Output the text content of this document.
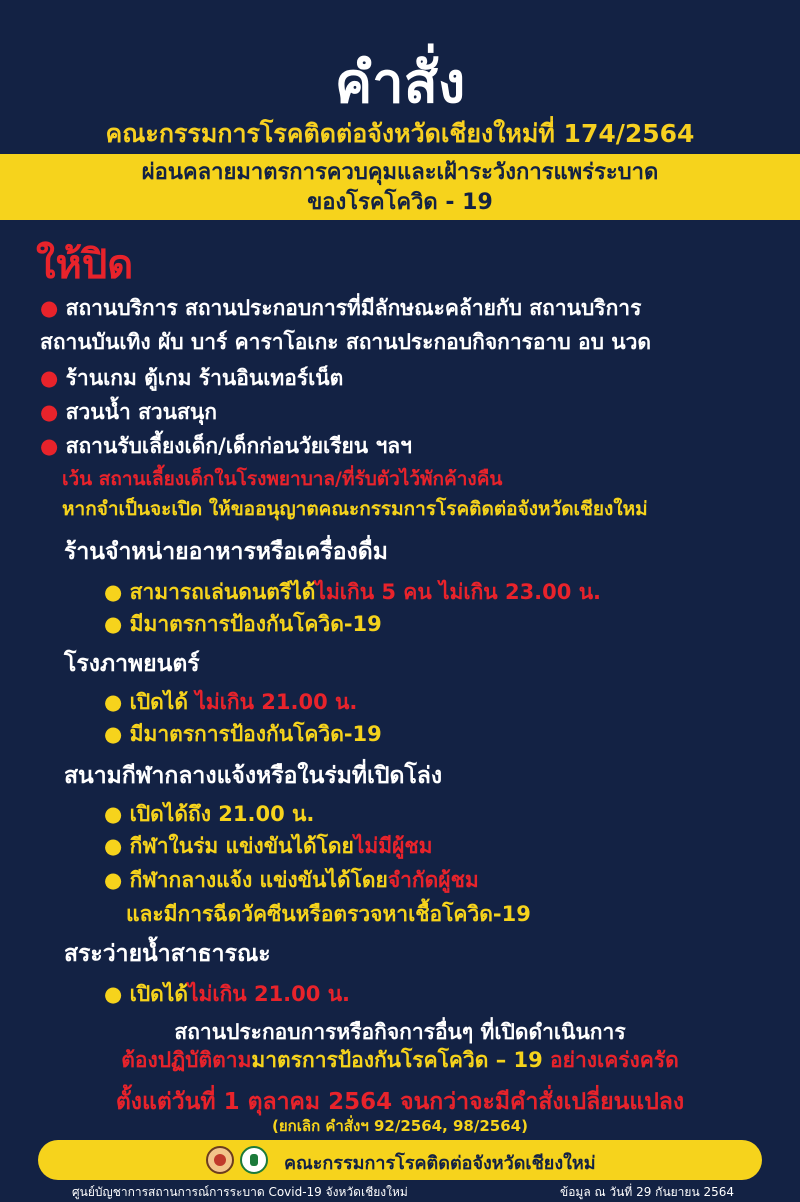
คำสั่ง
คณะกรรมการโรคติดต่อจังหวัดเชียงใหม่ที่ 174/2564
ผ่อนคลายมาตรการควบคุมและเฝ้าระวังการแพร่ระบาด
ของโรคโควิด - 19
ให้ปิด
● สถานบริการ สถานประกอบการที่มีลักษณะคล้ายกับ สถานบริการ
สถานบันเทิง ผับ บาร์ คาราโอเกะ สถานประกอบกิจการอาบ อบ นวด
● ร้านเกม ตู้เกม ร้านอินเทอร์เน็ต
● สวนน้ำ สวนสนุก
● สถานรับเลี้ยงเด็ก/เด็กก่อนวัยเรียน ฯลฯ
เว้น สถานเลี้ยงเด็กในโรงพยาบาล/ที่รับตัวไว้พักค้างคืน
หากจำเป็นจะเปิด ให้ขออนุญาตคณะกรรมการโรคติดต่อจังหวัดเชียงใหม่
ร้านจำหน่ายอาหารหรือเครื่องดื่ม
● สามารถเล่นดนตรีได้ไม่เกิน 5 คน ไม่เกิน 23.00 น.
● มีมาตรการป้องกันโควิด-19
โรงภาพยนตร์
● เปิดได้ ไม่เกิน 21.00 น.
● มีมาตรการป้องกันโควิด-19
สนามกีฬากลางแจ้งหรือในร่มที่เปิดโล่ง
● เปิดได้ถึง 21.00 น.
● กีฬาในร่ม แข่งขันได้โดยไม่มีผู้ชม
● กีฬากลางแจ้ง แข่งขันได้โดยจำกัดผู้ชม
และมีการฉีดวัคซีนหรือตรวจหาเชื้อโควิด-19
สระว่ายน้ำสาธารณะ
● เปิดได้ไม่เกิน 21.00 น.
สถานประกอบการหรือกิจการอื่นๆ ที่เปิดดำเนินการ
ต้องปฏิบัติตามมาตรการป้องกันโรคโควิด – 19 อย่างเคร่งครัด
ตั้งแต่วันที่ 1 ตุลาคม 2564 จนกว่าจะมีคำสั่งเปลี่ยนแปลง
(ยกเลิก คำสั่งฯ 92/2564, 98/2564)
คณะกรรมการโรคติดต่อจังหวัดเชียงใหม่
ศูนย์บัญชาการสถานการณ์การระบาด Covid-19 จังหวัดเชียงใหม่	ข้อมูล ณ วันที่ 29 กันยายน 2564
